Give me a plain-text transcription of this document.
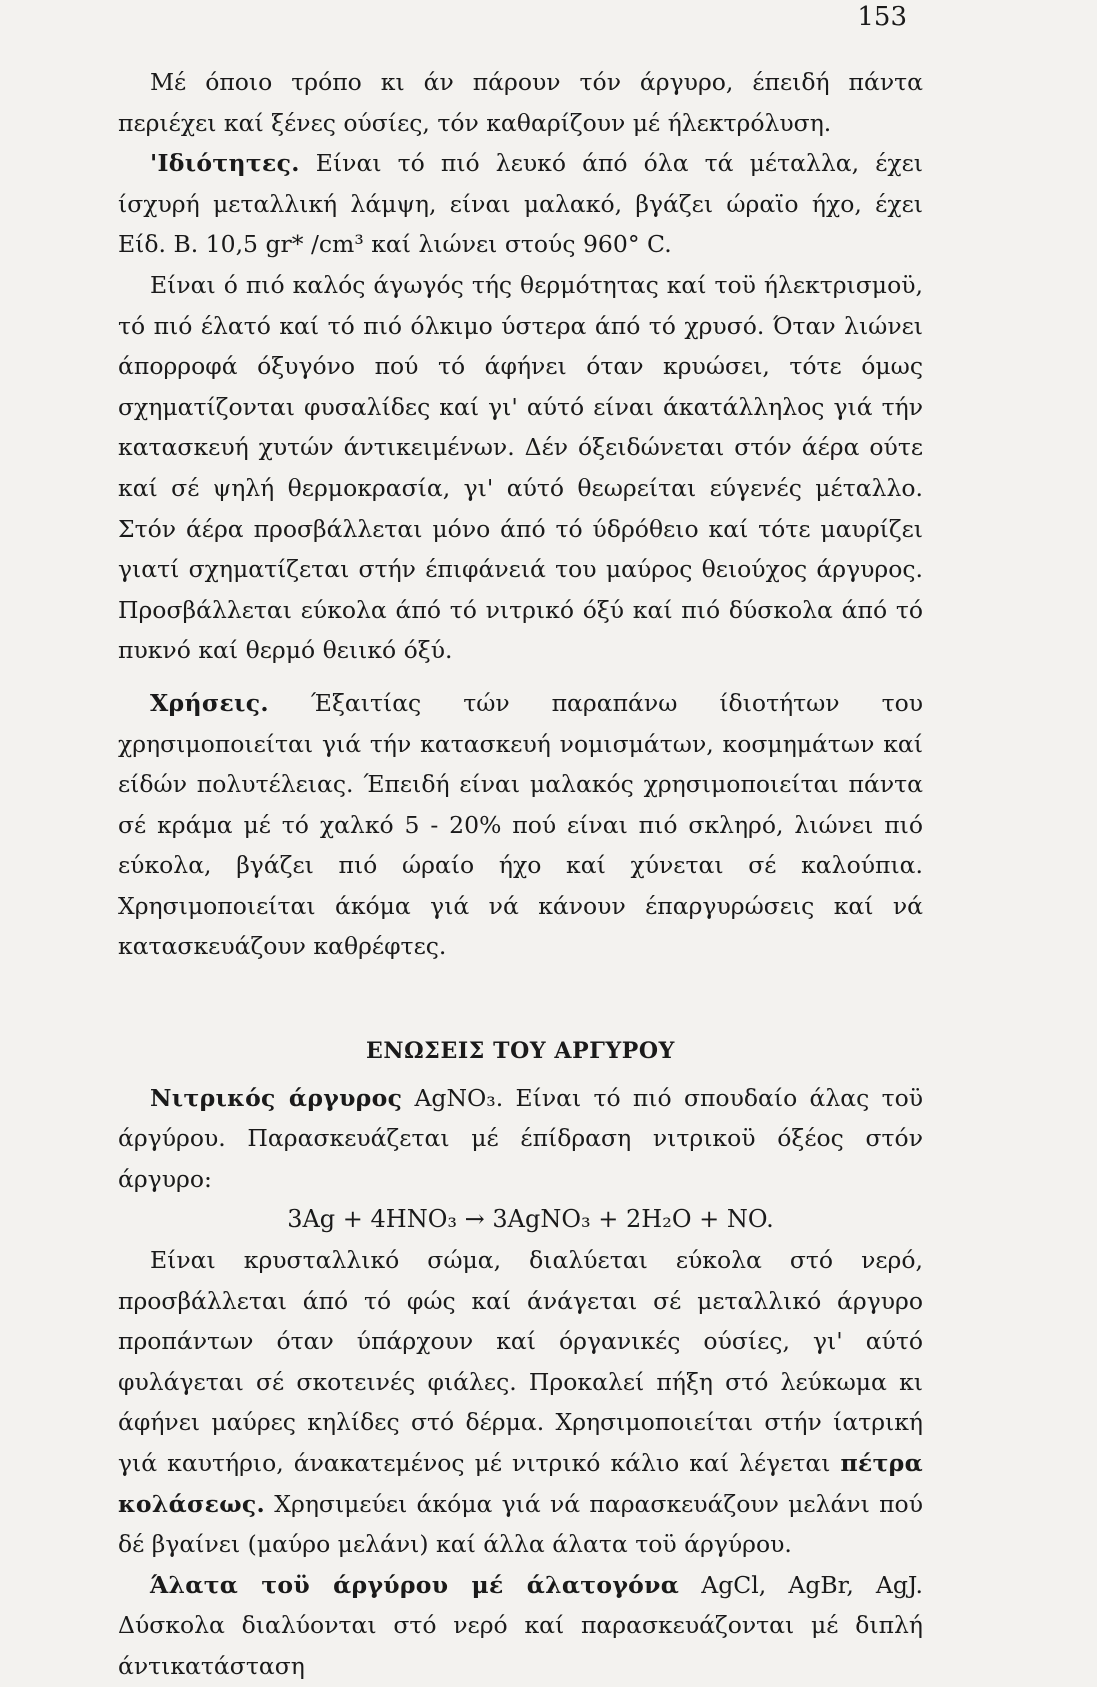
153

Μέ όποιο τρόπο κι άν πάρουν τόν άργυρο, έπειδή πάντα περιέχει καί ξένες ούσίες, τόν καθαρίζουν μέ ήλεκτρόλυση.

'Ιδιότητες. Είναι τό πιό λευκό άπό όλα τά μέταλλα, έχει ίσχυρή μεταλλική λάμψη, είναι μαλακό, βγάζει ώραϊο ήχο, έχει Είδ. Β. 10,5 gr* /cm³ καί λιώνει στούς 960° C.

Είναι ό πιό καλός άγωγός τής θερμότητας καί τοϋ ήλεκτρισμοϋ, τό πιό έλατό καί τό πιό όλκιμο ύστερα άπό τό χρυσό. Όταν λιώνει άπορροφά όξυγόνο πού τό άφήνει όταν κρυώσει, τότε όμως σχηματίζονται φυσαλίδες καί γι' αύτό είναι άκατάλληλος γιά τήν κατασκευή χυτών άντικειμένων. Δέν όξειδώνεται στόν άέρα ούτε καί σέ ψηλή θερμοκρασία, γι' αύτό θεωρείται εύγενές μέταλλο. Στόν άέρα προσβάλλεται μόνο άπό τό ύδρόθειο καί τότε μαυρίζει γιατί σχηματίζεται στήν έπιφάνειά του μαύρος θειούχος άργυρος. Προσβάλλεται εύκολα άπό τό νιτρικό όξύ καί πιό δύσκολα άπό τό πυκνό καί θερμό θειικό όξύ.

Χρήσεις. Έξαιτίας τών παραπάνω ίδιοτήτων του χρησιμοποιείται γιά τήν κατασκευή νομισμάτων, κοσμημάτων καί είδών πολυτέλειας. Έπειδή είναι μαλακός χρησιμοποιείται πάντα σέ κράμα μέ τό χαλκό 5 - 20% πού είναι πιό σκληρό, λιώνει πιό εύκολα, βγάζει πιό ώραίο ήχο καί χύνεται σέ καλούπια. Χρησιμοποιείται άκόμα γιά νά κάνουν έπαργυρώσεις καί νά κατασκευάζουν καθρέφτες.

ΕΝΩΣΕΙΣ ΤΟΥ ΑΡΓΥΡΟΥ

Νιτρικός άργυρος AgNO₃. Είναι τό πιό σπουδαίο άλας τοϋ άργύρου. Παρασκευάζεται μέ έπίδραση νιτρικοϋ όξέος στόν άργυρο:

3Ag + 4HNO₃ → 3AgNO₃ + 2H₂O + NO.

Είναι κρυσταλλικό σώμα, διαλύεται εύκολα στό νερό, προσβάλλεται άπό τό φώς καί άνάγεται σέ μεταλλικό άργυρο προπάντων όταν ύπάρχουν καί όργανικές ούσίες, γι' αύτό φυλάγεται σέ σκοτεινές φιάλες. Προκαλεί πήξη στό λεύκωμα κι άφήνει μαύρες κηλίδες στό δέρμα. Χρησιμοποιείται στήν ίατρική γιά καυτήριο, άνακατεμένος μέ νιτρικό κάλιο καί λέγεται πέτρα κολάσεως. Χρησιμεύει άκόμα γιά νά παρασκευάζουν μελάνι πού δέ βγαίνει (μαύρο μελάνι) καί άλλα άλατα τοϋ άργύρου.

Άλατα τοϋ άργύρου μέ άλατογόνα AgCl, AgBr, AgJ. Δύσκολα διαλύονται στό νερό καί παρασκευάζονται μέ διπλή άντικατάσταση
